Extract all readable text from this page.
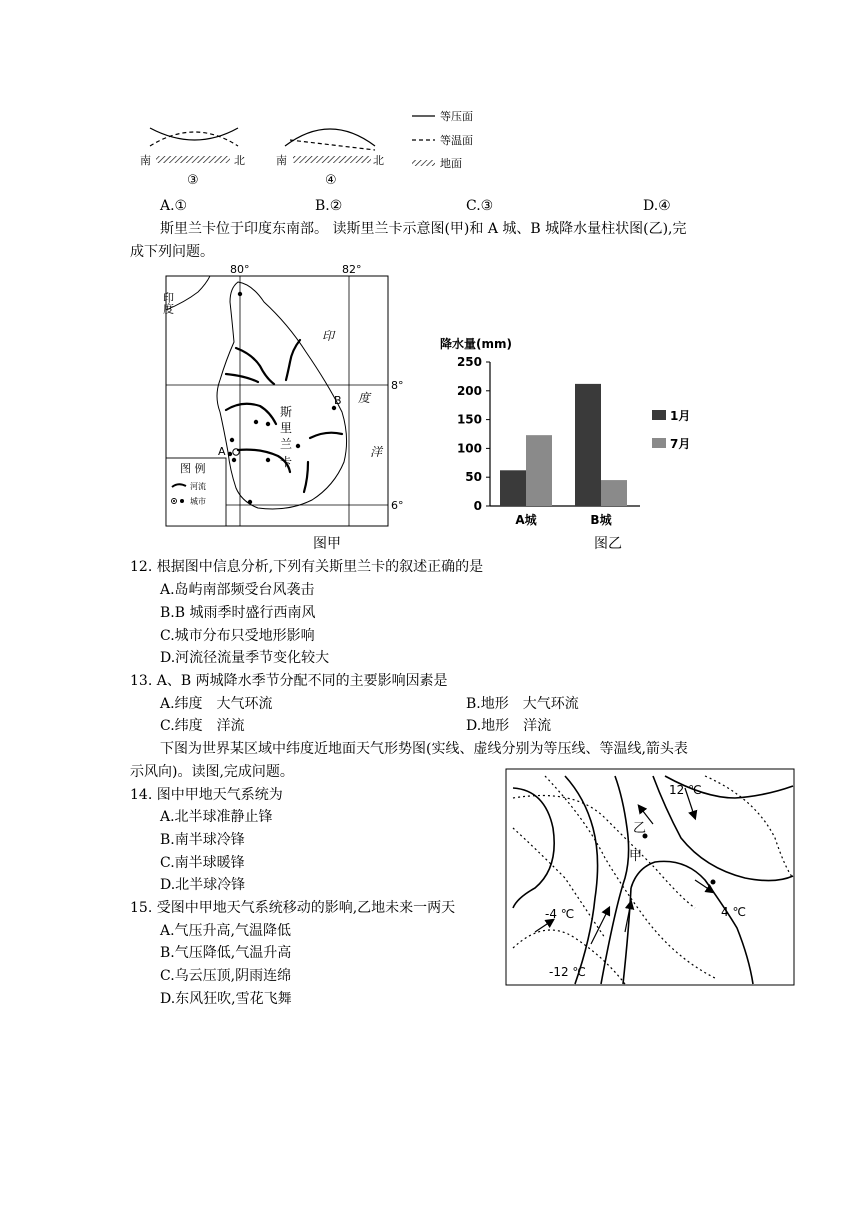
南	北
③
南	北
④
等压面
等温面
地面
A.①	B.②	C.③	D.④
斯里兰卡位于印度东南部。 读斯里兰卡示意图(甲)和 A 城、B 城降水量柱状图(乙),完
成下列问题。
80°	82°
8°
6°
印度
A
B
印
度
洋
斯
里
兰
卡
图 例
河流
城市
图甲
降水量(mm)
0
50
100
150
200
250
A城	B城
1月
7月
图乙
12. 根据图中信息分析,下列有关斯里兰卡的叙述正确的是
A.岛屿南部频受台风袭击
B.B 城雨季时盛行西南风
C.城市分布只受地形影响
D.河流径流量季节变化较大
13. A、B 两城降水季节分配不同的主要影响因素是
A.纬度　大气环流	B.地形　大气环流
C.纬度　洋流	D.地形　洋流
下图为世界某区域中纬度近地面天气形势图(实线、虚线分别为等压线、等温线,箭头表
示风向)。读图,完成问题。
14. 图中甲地天气系统为
A.北半球准静止锋
B.南半球冷锋
C.南半球暖锋
D.北半球冷锋
15. 受图中甲地天气系统移动的影响,乙地未来一两天
A.气压升高,气温降低
B.气压降低,气温升高
C.乌云压顶,阴雨连绵
D.东风狂吹,雪花飞舞
12 ℃
4 ℃
-4 ℃
-12 ℃
乙
甲
